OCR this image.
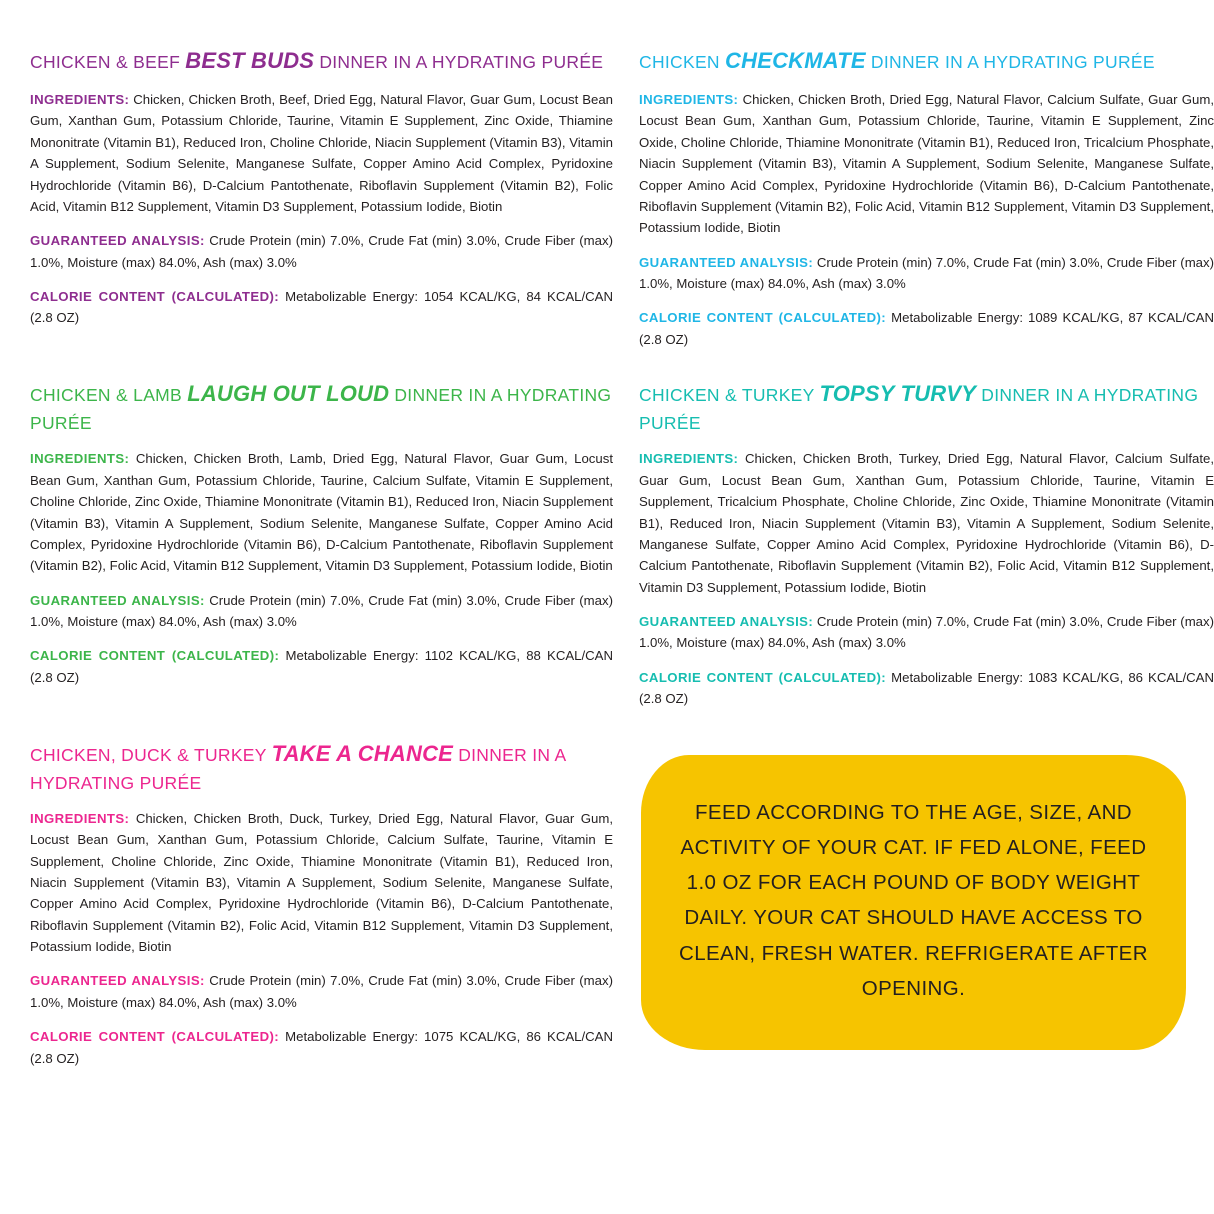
CHICKEN & BEEF BEST BUDS DINNER IN A HYDRATING PURÉE

INGREDIENTS: Chicken, Chicken Broth, Beef, Dried Egg, Natural Flavor, Guar Gum, Locust Bean Gum, Xanthan Gum, Potassium Chloride, Taurine, Vitamin E Supplement, Zinc Oxide, Thiamine Mononitrate (Vitamin B1), Reduced Iron, Choline Chloride, Niacin Supplement (Vitamin B3), Vitamin A Supplement, Sodium Selenite, Manganese Sulfate, Copper Amino Acid Complex, Pyridoxine Hydrochloride (Vitamin B6), D-Calcium Pantothenate, Riboflavin Supplement (Vitamin B2), Folic Acid, Vitamin B12 Supplement, Vitamin D3 Supplement, Potassium Iodide, Biotin

GUARANTEED ANALYSIS: Crude Protein (min) 7.0%, Crude Fat (min) 3.0%, Crude Fiber (max) 1.0%, Moisture (max) 84.0%, Ash (max) 3.0%

CALORIE CONTENT (CALCULATED): Metabolizable Energy: 1054 KCAL/KG, 84 KCAL/CAN (2.8 OZ)

CHICKEN CHECKMATE DINNER IN A HYDRATING PURÉE

INGREDIENTS: Chicken, Chicken Broth, Dried Egg, Natural Flavor, Calcium Sulfate, Guar Gum, Locust Bean Gum, Xanthan Gum, Potassium Chloride, Taurine, Vitamin E Supplement, Zinc Oxide, Choline Chloride, Thiamine Mononitrate (Vitamin B1), Reduced Iron, Tricalcium Phosphate, Niacin Supplement (Vitamin B3), Vitamin A Supplement, Sodium Selenite, Manganese Sulfate, Copper Amino Acid Complex, Pyridoxine Hydrochloride (Vitamin B6), D-Calcium Pantothenate, Riboflavin Supplement (Vitamin B2), Folic Acid, Vitamin B12 Supplement, Vitamin D3 Supplement, Potassium Iodide, Biotin

GUARANTEED ANALYSIS: Crude Protein (min) 7.0%, Crude Fat (min) 3.0%, Crude Fiber (max) 1.0%, Moisture (max) 84.0%, Ash (max) 3.0%

CALORIE CONTENT (CALCULATED): Metabolizable Energy: 1089 KCAL/KG, 87 KCAL/CAN (2.8 OZ)

CHICKEN & LAMB LAUGH OUT LOUD DINNER IN A HYDRATING PURÉE

INGREDIENTS: Chicken, Chicken Broth, Lamb, Dried Egg, Natural Flavor, Guar Gum, Locust Bean Gum, Xanthan Gum, Potassium Chloride, Taurine, Calcium Sulfate, Vitamin E Supplement, Choline Chloride, Zinc Oxide, Thiamine Mononitrate (Vitamin B1), Reduced Iron, Niacin Supplement (Vitamin B3), Vitamin A Supplement, Sodium Selenite, Manganese Sulfate, Copper Amino Acid Complex, Pyridoxine Hydrochloride (Vitamin B6), D-Calcium Pantothenate, Riboflavin Supplement (Vitamin B2), Folic Acid, Vitamin B12 Supplement, Vitamin D3 Supplement, Potassium Iodide, Biotin

GUARANTEED ANALYSIS: Crude Protein (min) 7.0%, Crude Fat (min) 3.0%, Crude Fiber (max) 1.0%, Moisture (max) 84.0%, Ash (max) 3.0%

CALORIE CONTENT (CALCULATED): Metabolizable Energy: 1102 KCAL/KG, 88 KCAL/CAN (2.8 OZ)

CHICKEN & TURKEY TOPSY TURVY DINNER IN A HYDRATING PURÉE

INGREDIENTS: Chicken, Chicken Broth, Turkey, Dried Egg, Natural Flavor, Calcium Sulfate, Guar Gum, Locust Bean Gum, Xanthan Gum, Potassium Chloride, Taurine, Vitamin E Supplement, Tricalcium Phosphate, Choline Chloride, Zinc Oxide, Thiamine Mononitrate (Vitamin B1), Reduced Iron, Niacin Supplement (Vitamin B3), Vitamin A Supplement, Sodium Selenite, Manganese Sulfate, Copper Amino Acid Complex, Pyridoxine Hydrochloride (Vitamin B6), D-Calcium Pantothenate, Riboflavin Supplement (Vitamin B2), Folic Acid, Vitamin B12 Supplement, Vitamin D3 Supplement, Potassium Iodide, Biotin

GUARANTEED ANALYSIS: Crude Protein (min) 7.0%, Crude Fat (min) 3.0%, Crude Fiber (max) 1.0%, Moisture (max) 84.0%, Ash (max) 3.0%

CALORIE CONTENT (CALCULATED): Metabolizable Energy: 1083 KCAL/KG, 86 KCAL/CAN (2.8 OZ)

CHICKEN, DUCK & TURKEY TAKE A CHANCE DINNER IN A HYDRATING PURÉE

INGREDIENTS: Chicken, Chicken Broth, Duck, Turkey, Dried Egg, Natural Flavor, Guar Gum, Locust Bean Gum, Xanthan Gum, Potassium Chloride, Calcium Sulfate, Taurine, Vitamin E Supplement, Choline Chloride, Zinc Oxide, Thiamine Mononitrate (Vitamin B1), Reduced Iron, Niacin Supplement (Vitamin B3), Vitamin A Supplement, Sodium Selenite, Manganese Sulfate, Copper Amino Acid Complex, Pyridoxine Hydrochloride (Vitamin B6), D-Calcium Pantothenate, Riboflavin Supplement (Vitamin B2), Folic Acid, Vitamin B12 Supplement, Vitamin D3 Supplement, Potassium Iodide, Biotin

GUARANTEED ANALYSIS: Crude Protein (min) 7.0%, Crude Fat (min) 3.0%, Crude Fiber (max) 1.0%, Moisture (max) 84.0%, Ash (max) 3.0%

CALORIE CONTENT (CALCULATED): Metabolizable Energy: 1075 KCAL/KG, 86 KCAL/CAN (2.8 OZ)

FEED ACCORDING TO THE AGE, SIZE, AND ACTIVITY OF YOUR CAT. IF FED ALONE, FEED 1.0 OZ FOR EACH POUND OF BODY WEIGHT DAILY. YOUR CAT SHOULD HAVE ACCESS TO CLEAN, FRESH WATER. REFRIGERATE AFTER OPENING.
